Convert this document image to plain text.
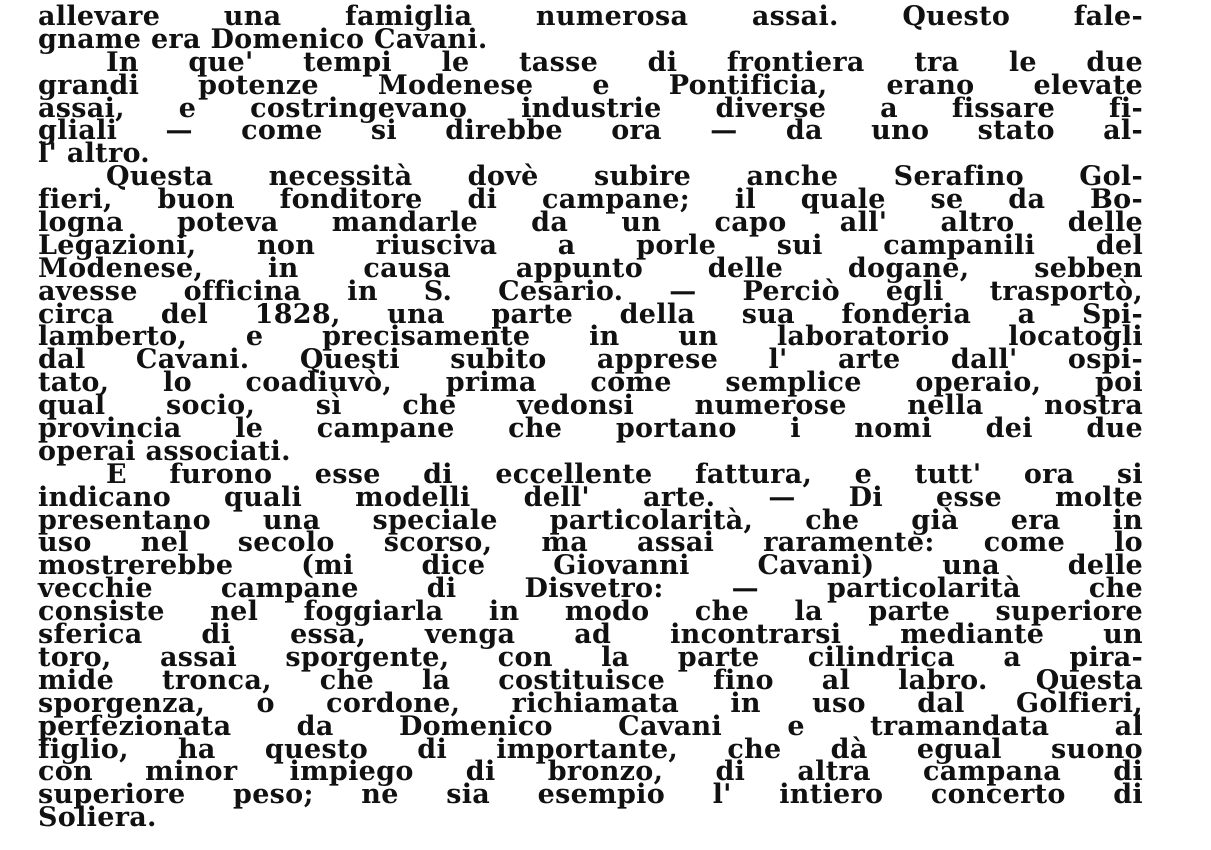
allevare una famiglia numerosa assai. Questo fale-
gname era Domenico Cavani.
In que' tempi le tasse di frontiera tra le due
grandi potenze Modenese e Pontificia, erano elevate
assai, e costringevano industrie diverse a fissare fi-
gliali — come si direbbe ora — da uno stato al-
l' altro.
Questa necessità dovè subire anche Serafino Gol-
fieri, buon fonditore di campane; il quale se da Bo-
logna poteva mandarle da un capo all' altro delle
Legazioni, non riusciva a porle sui campanili del
Modenese, in causa appunto delle dogane, sebben
avesse officina in S. Cesario. — Perciò egli trasportò,
circa del 1828, una parte della sua fonderia a Spi-
lamberto, e precisamente in un laboratorio locatogli
dal Cavani. Questi subito apprese l' arte dall' ospi-
tato, lo coadiuvò, prima come semplice operaio, poi
qual socio, sì che vedonsi numerose nella nostra
provincia le campane che portano i nomi dei due
operai associati.
E furono esse di eccellente fattura, e tutt' ora si
indicano quali modelli dell' arte. — Di esse molte
presentano una speciale particolarità, che già era in
uso nel secolo scorso, ma assai raramente: come lo
mostrerebbe (mi dice Giovanni Cavani) una delle
vecchie campane di Disvetro: — particolarità che
consiste nel foggiarla in modo che la parte superiore
sferica di essa, venga ad incontrarsi mediante un
toro, assai sporgente, con la parte cilindrica a pira-
mide tronca, che la costituisce fino al labro. Questa
sporgenza, o cordone, richiamata in uso dal Golfieri,
perfezionata da Domenico Cavani e tramandata al
figlio, ha questo di importante, che dà egual suono
con minor impiego di bronzo, di altra campana di
superiore peso; ne sia esempio l' intiero concerto di
Soliera.
